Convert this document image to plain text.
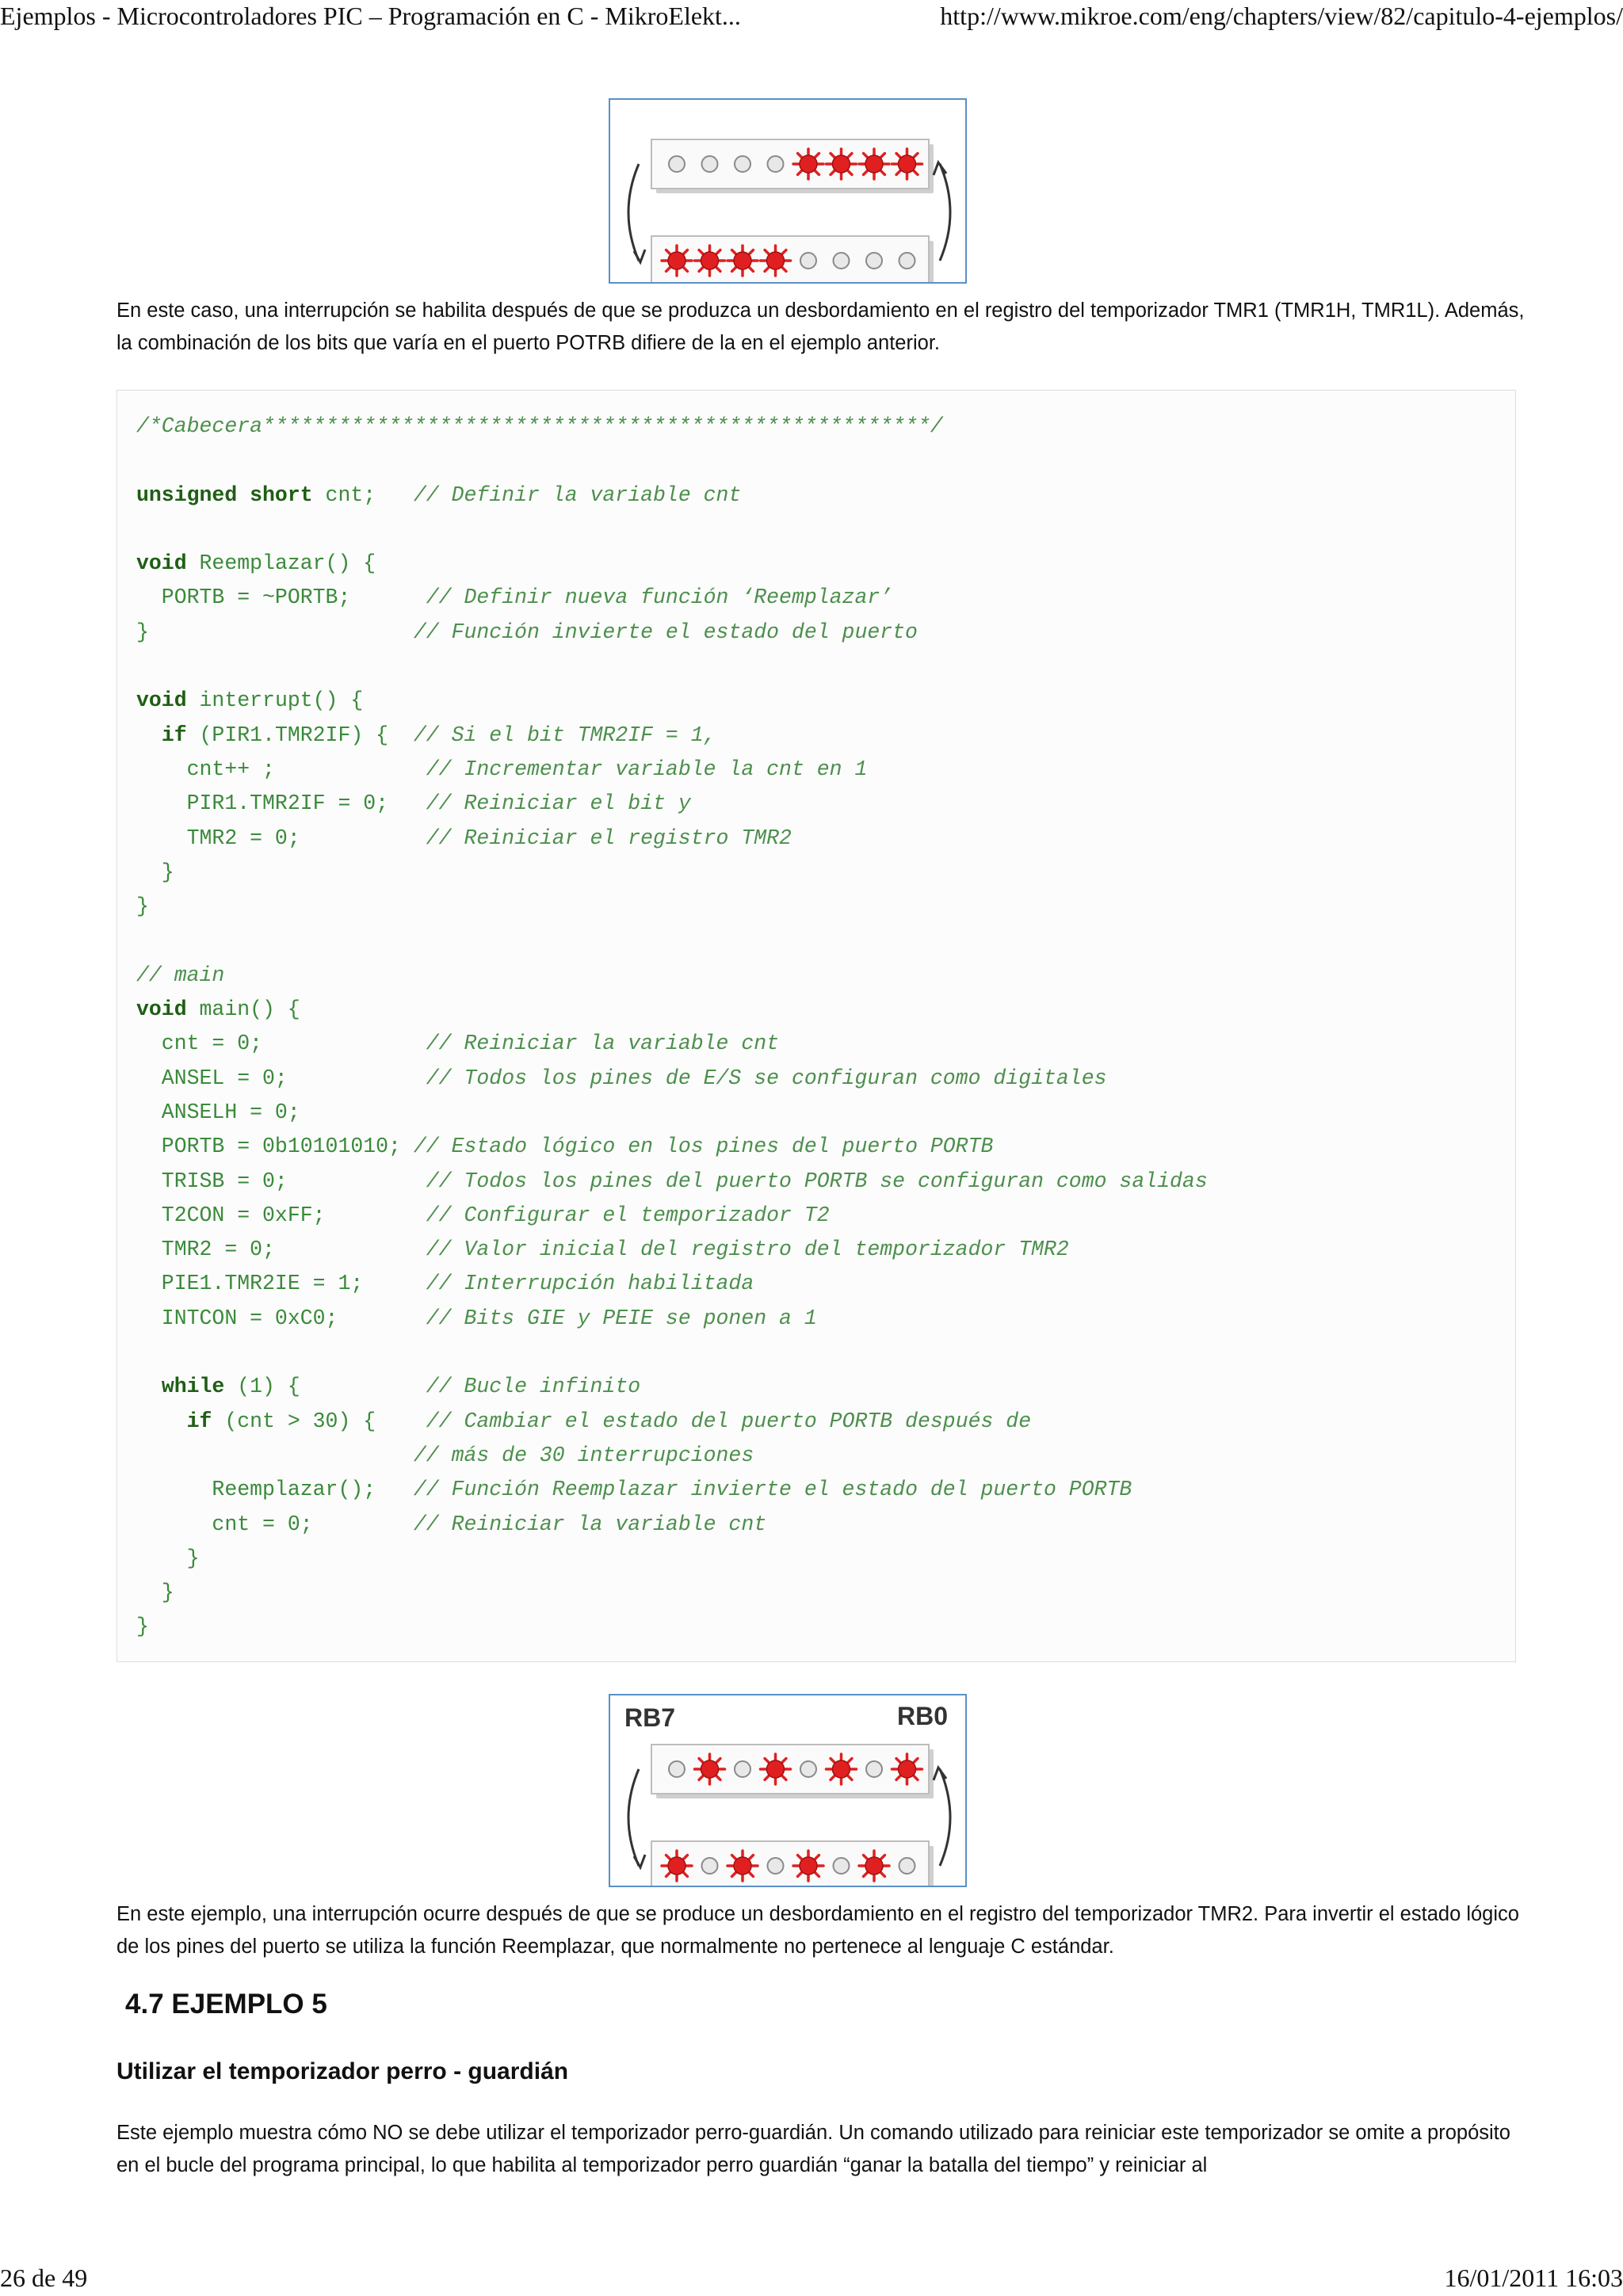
Ejemplos - Microcontroladores PIC – Programación en C - MikroElekt...	http://www.mikroe.com/eng/chapters/view/82/capitulo-4-ejemplos/
En este caso, una interrupción se habilita después de que se produzca un desbordamiento en el registro del temporizador TMR1 (TMR1H, TMR1L). Además, la combinación de los bits que varía en el puerto POTRB difiere de la en el ejemplo anterior.
/*Cabecera*****************************************************/
unsigned short cnt;   // Definir la variable cnt
void Reemplazar() {
PORTB = ~PORTB;      // Definir nueva función ‘Reemplazar’
}                     // Función invierte el estado del puerto
void interrupt() {
if (PIR1.TMR2IF) {  // Si el bit TMR2IF = 1,
cnt++ ;            // Incrementar variable la cnt en 1
PIR1.TMR2IF = 0;   // Reiniciar el bit y
TMR2 = 0;          // Reiniciar el registro TMR2
}
}
// main
void main() {
cnt = 0;             // Reiniciar la variable cnt
ANSEL = 0;           // Todos los pines de E/S se configuran como digitales
ANSELH = 0;
PORTB = 0b10101010; // Estado lógico en los pines del puerto PORTB
TRISB = 0;           // Todos los pines del puerto PORTB se configuran como salidas
T2CON = 0xFF;        // Configurar el temporizador T2
TMR2 = 0;            // Valor inicial del registro del temporizador TMR2
PIE1.TMR2IE = 1;     // Interrupción habilitada
INTCON = 0xC0;       // Bits GIE y PEIE se ponen a 1
while (1) {          // Bucle infinito
if (cnt > 30) {    // Cambiar el estado del puerto PORTB después de
// más de 30 interrupciones
Reemplazar();   // Función Reemplazar invierte el estado del puerto PORTB
cnt = 0;        // Reiniciar la variable cnt
}
}
}
RB7	RB0
En este ejemplo, una interrupción ocurre después de que se produce un desbordamiento en el registro del temporizador TMR2. Para invertir el estado lógico de los pines del puerto se utiliza la función Reemplazar, que normalmente no pertenece al lenguaje C estándar.
4.7 EJEMPLO 5
Utilizar el temporizador perro - guardián
Este ejemplo muestra cómo NO se debe utilizar el temporizador perro-guardián. Un comando utilizado para reiniciar este temporizador se omite a propósito en el bucle del programa principal, lo que habilita al temporizador perro guardián “ganar la batalla del tiempo” y reiniciar al
26 de 49	16/01/2011 16:03
